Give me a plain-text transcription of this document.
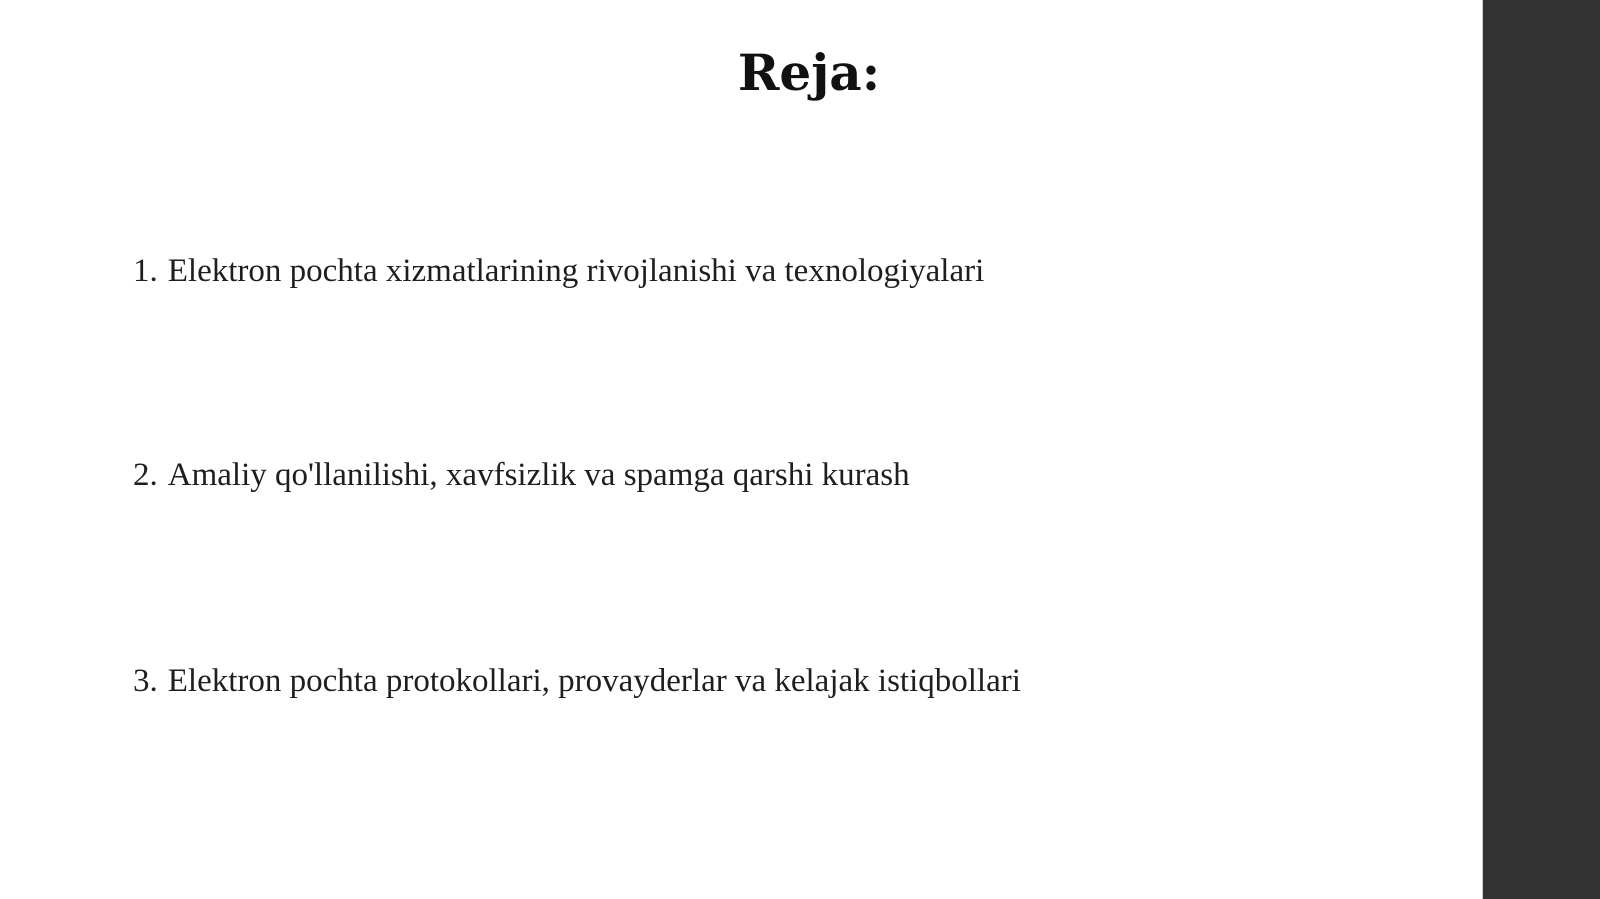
Reja:
1. Elektron pochta xizmatlarining rivojlanishi va texnologiyalari
2. Amaliy qo'llanilishi, xavfsizlik va spamga qarshi kurash
3. Elektron pochta protokollari, provayderlar va kelajak istiqbollari
